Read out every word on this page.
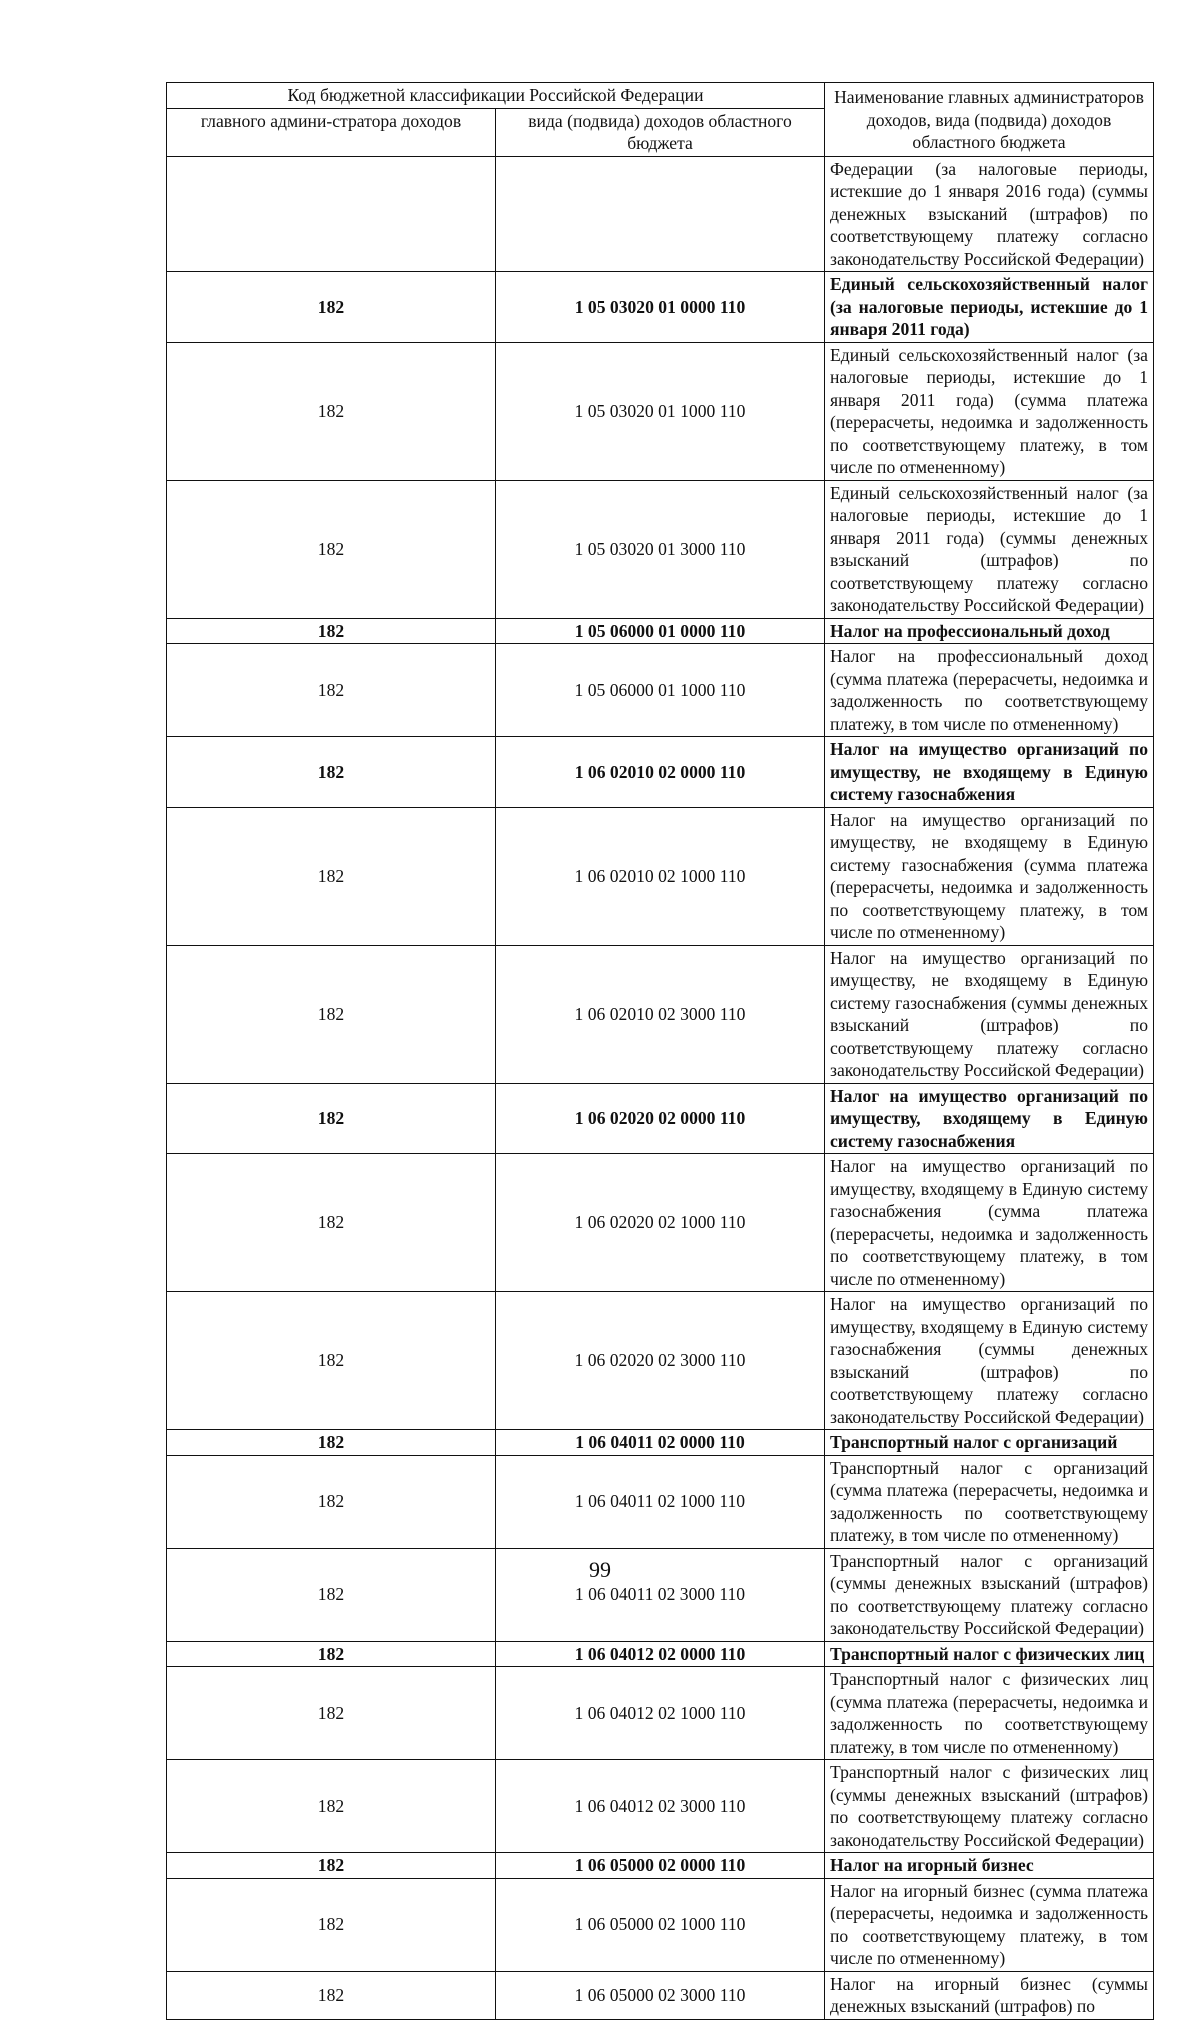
Код бюджетной классификации Российской Федерации		Наименование главных администраторов доходов, вида (подвида) доходов областного бюджета
главного админи-стратора доходов	вида (подвида) доходов областного бюджета	
		Федерации (за налоговые периоды, истекшие до 1 января 2016 года) (суммы денежных взысканий (штрафов) по соответствующему платежу согласно законодательству Российской Федерации)
182	1 05 03020 01 0000 110	Единый сельскохозяйственный налог (за налоговые периоды, истекшие до 1 января 2011 года)
182	1 05 03020 01 1000 110	Единый сельскохозяйственный налог (за налоговые периоды, истекшие до 1 января 2011 года) (сумма платежа (перерасчеты, недоимка и задолженность по соответствующему платежу, в том числе по отмененному)
182	1 05 03020 01 3000 110	Единый сельскохозяйственный налог (за налоговые периоды, истекшие до 1 января 2011 года) (суммы денежных взысканий (штрафов) по соответствующему платежу согласно законодательству Российской Федерации)
182	1 05 06000 01 0000 110	Налог на профессиональный доход
182	1 05 06000 01 1000 110	Налог на профессиональный доход (сумма платежа (перерасчеты, недоимка и задолженность по соответствующему платежу, в том числе по отмененному)
182	1 06 02010 02 0000 110	Налог на имущество организаций по имуществу, не входящему в Единую систему газоснабжения
182	1 06 02010 02 1000 110	Налог на имущество организаций по имуществу, не входящему в Единую систему газоснабжения (сумма платежа (перерасчеты, недоимка и задолженность по соответствующему платежу, в том числе по отмененному)
182	1 06 02010 02 3000 110	Налог на имущество организаций по имуществу, не входящему в Единую систему газоснабжения (суммы денежных взысканий (штрафов) по соответствующему платежу согласно законодательству Российской Федерации)
182	1 06 02020 02 0000 110	Налог на имущество организаций по имуществу, входящему в Единую систему газоснабжения
182	1 06 02020 02 1000 110	Налог на имущество организаций по имуществу, входящему в Единую систему газоснабжения (сумма платежа (перерасчеты, недоимка и задолженность по соответствующему платежу, в том числе по отмененному)
182	1 06 02020 02 3000 110	Налог на имущество организаций по имуществу, входящему в Единую систему газоснабжения (суммы денежных взысканий (штрафов) по соответствующему платежу согласно законодательству Российской Федерации)
182	1 06 04011 02 0000 110	Транспортный налог с организаций
182	1 06 04011 02 1000 110	Транспортный налог с организаций (сумма платежа (перерасчеты, недоимка и задолженность по соответствующему платежу, в том числе по отмененному)
182	1 06 04011 02 3000 110	Транспортный налог с организаций (суммы денежных взысканий (штрафов) по соответствующему платежу согласно законодательству Российской Федерации)
182	1 06 04012 02 0000 110	Транспортный налог с физических лиц
182	1 06 04012 02 1000 110	Транспортный налог с физических лиц (сумма платежа (перерасчеты, недоимка и задолженность по соответствующему платежу, в том числе по отмененному)
182	1 06 04012 02 3000 110	Транспортный налог с физических лиц (суммы денежных взысканий (штрафов) по соответствующему платежу согласно законодательству Российской Федерации)
182	1 06 05000 02 0000 110	Налог на игорный бизнес
182	1 06 05000 02 1000 110	Налог на игорный бизнес (сумма платежа (перерасчеты, недоимка и задолженность по соответствующему платежу, в том числе по отмененному)
182	1 06 05000 02 3000 110	Налог на игорный бизнес (суммы денежных взысканий (штрафов) по
99
